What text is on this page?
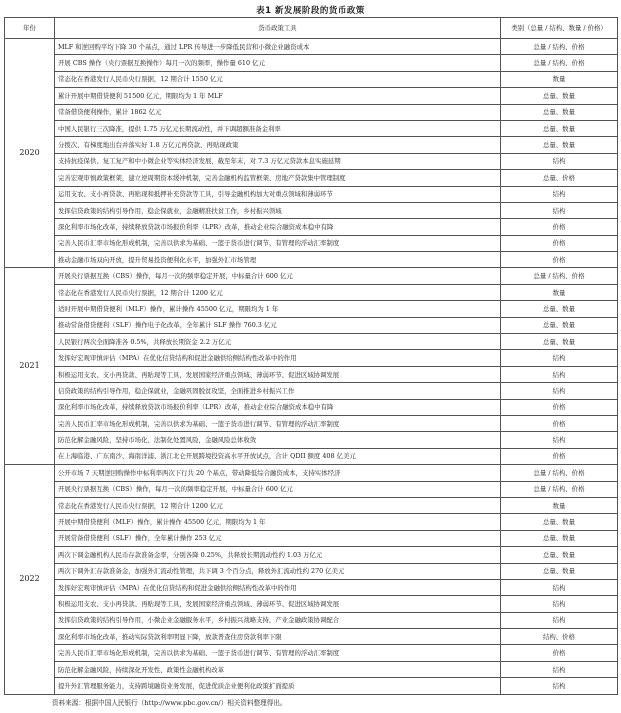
表1 新发展阶段的货币政策
年份	货币政策工具	类别（总量 / 结构、数量 / 价格）
2020	MLF 和逆回购平均下降 30 个基点，通过 LPR 传导进一步降低民营和小微企业融资成本	总量 / 结构、价格
	开展 CBS 操作（央行票据互换操作）每月一次的频率，操作量 610 亿元	总量 / 结构、价格
	常态化在香港发行人民币央行票据，12 期合计 1550 亿元	数量
	累计开展中期借贷便利 51500 亿元，期限均为 1 年 MLF	总量、数量
	常备借贷便利操作，累计 1862 亿元	总量、数量
	中国人民银行三次降准，提供 1.75 万亿元长期流动性，并下调超额准备金利率	总量、数量
	分拨次、有梯度地出台并落实好 1.8 万亿元再贷款、再贴现政策	总量、数量
	支持抗疫保供、复工复产和中小微企业等实体经济发展，截至年末，对 7.3 万亿元贷款本息实施延期	结构
	完善宏观审慎政策框架，建立逆周期资本缓冲机制，完善金融机构监管框架、房地产贷款集中管理制度	总量、价格
	运用支农、支小再贷款、再贴现和抵押补充贷款等工具，引导金融机构加大对重点领域和薄弱环节	结构
	发挥信贷政策的结构引导作用，稳企保就业，金融精准扶贫工作，乡村振兴领域	结构
	深化利率市场化改革，持续释放贷款市场报价利率（LPR）改革，推动企业综合融资成本稳中有降	价格
	完善人民币汇率市场化形成机制，完善以供求为基础、一篮子货币进行调节、有管理的浮动汇率制度	价格
	推动金融市场双向开放，提升贸易投资便利化水平，加强外汇市场管理	价格
2021	开展央行票据互换（CBS）操作，每月一次的频率稳定开展，中标量合计 600 亿元	总量 / 结构、价格
	常态化在香港发行人民币央行票据，12 期合计 1200 亿元	数量
	适时开展中期借贷便利（MLF）操作，累计操作 45500 亿元，期限均为 1 年	总量、数量
	推动常备借贷便利（SLF）操作电子化改革，全年累计 SLF 操作 760.3 亿元	总量、数量
	人民银行两次全面降准各 0.5%，共释放长期资金 2.2 万亿元	总量、数量
	发挥好宏观审慎评估（MPA）在优化信贷结构和促进金融供给侧结构性改革中的作用	结构
	积极运用支农、支小再贷款、再贴现等工具，发展国家经济重点领域、薄弱环节、促进区域协调发展	结构
	信贷政策的结构引导作用，稳企保就业，金融巩固脱贫攻坚，全面推进乡村振兴工作	结构
	深化利率市场化改革，持续释放贷款市场报价利率（LPR）改革，推动企业综合融资成本稳中有降	价格
	完善人民币汇率市场化形成机制，完善以供求为基础、一篮子货币进行调节、有管理的浮动汇率制度	价格
	防范化解金融风险，坚持市场化、法制化处置风险，金融风险总体收敛	结构
	在上海临港、广东南沙、海南洋浦、浙江北仑开展跨境投资高水平开放试点，合计 QDII 额度 408 亿美元	价格
2022	公开市场 7 天期逆回购操作中标利率两次下行共 20 个基点，带动降低综合融资成本，支持实体经济	总量 / 结构、价格
	开展央行票据互换（CBS）操作，每月一次的频率稳定开展，中标量合计 600 亿元	总量 / 结构、价格
	常态化在香港发行人民币央行票据，12 期合计 1200 亿元	数量
	开展中期借贷便利（MLF）操作，累计操作 45500 亿元，期限均为 1 年	总量、数量
	开展常备借贷便利（SLF）操作，全年累计操作 253 亿元	总量、数量
	两次下调金融机构人民币存款准备金率，分别各降 0.25%，共释放长期流动性约 1.03 万亿元	总量、数量
	两次下调外汇存款准备金，加强外汇流动性管理，共下调 3 个百分点，释放外汇流动性约 270 亿美元	总量、数量
	发挥好宏观审慎评估（MPA）在优化信贷结构和促进金融供给侧结构性改革中的作用	结构
	积极运用支农、支小再贷款、再贴现等工具，发展国家经济重点领域、薄弱环节、促进区域协调发展	结构
	发挥信贷政策的结构引导作用，小微企业金融服务水平，乡村振兴战略支持，产业金融政策协调配合	结构
	深化利率市场化改革，推动实际贷款利率明显下降，放款普查住房贷款利率下限	结构、价格
	完善人民币汇率市场化形成机制，完善以供求为基础、一篮子货币进行调节、有管理的浮动汇率制度	价格
	防范化解金融风险，持续深化开发性、政策性金融机构改革	结构
	提升外汇管理服务能力，支持跨境融资业务发展，促进优质企业便利化政策扩面提质	结构
资料来源：根据中国人民银行（http://www.pbc.gov.cn/）相关资料整理得出。
